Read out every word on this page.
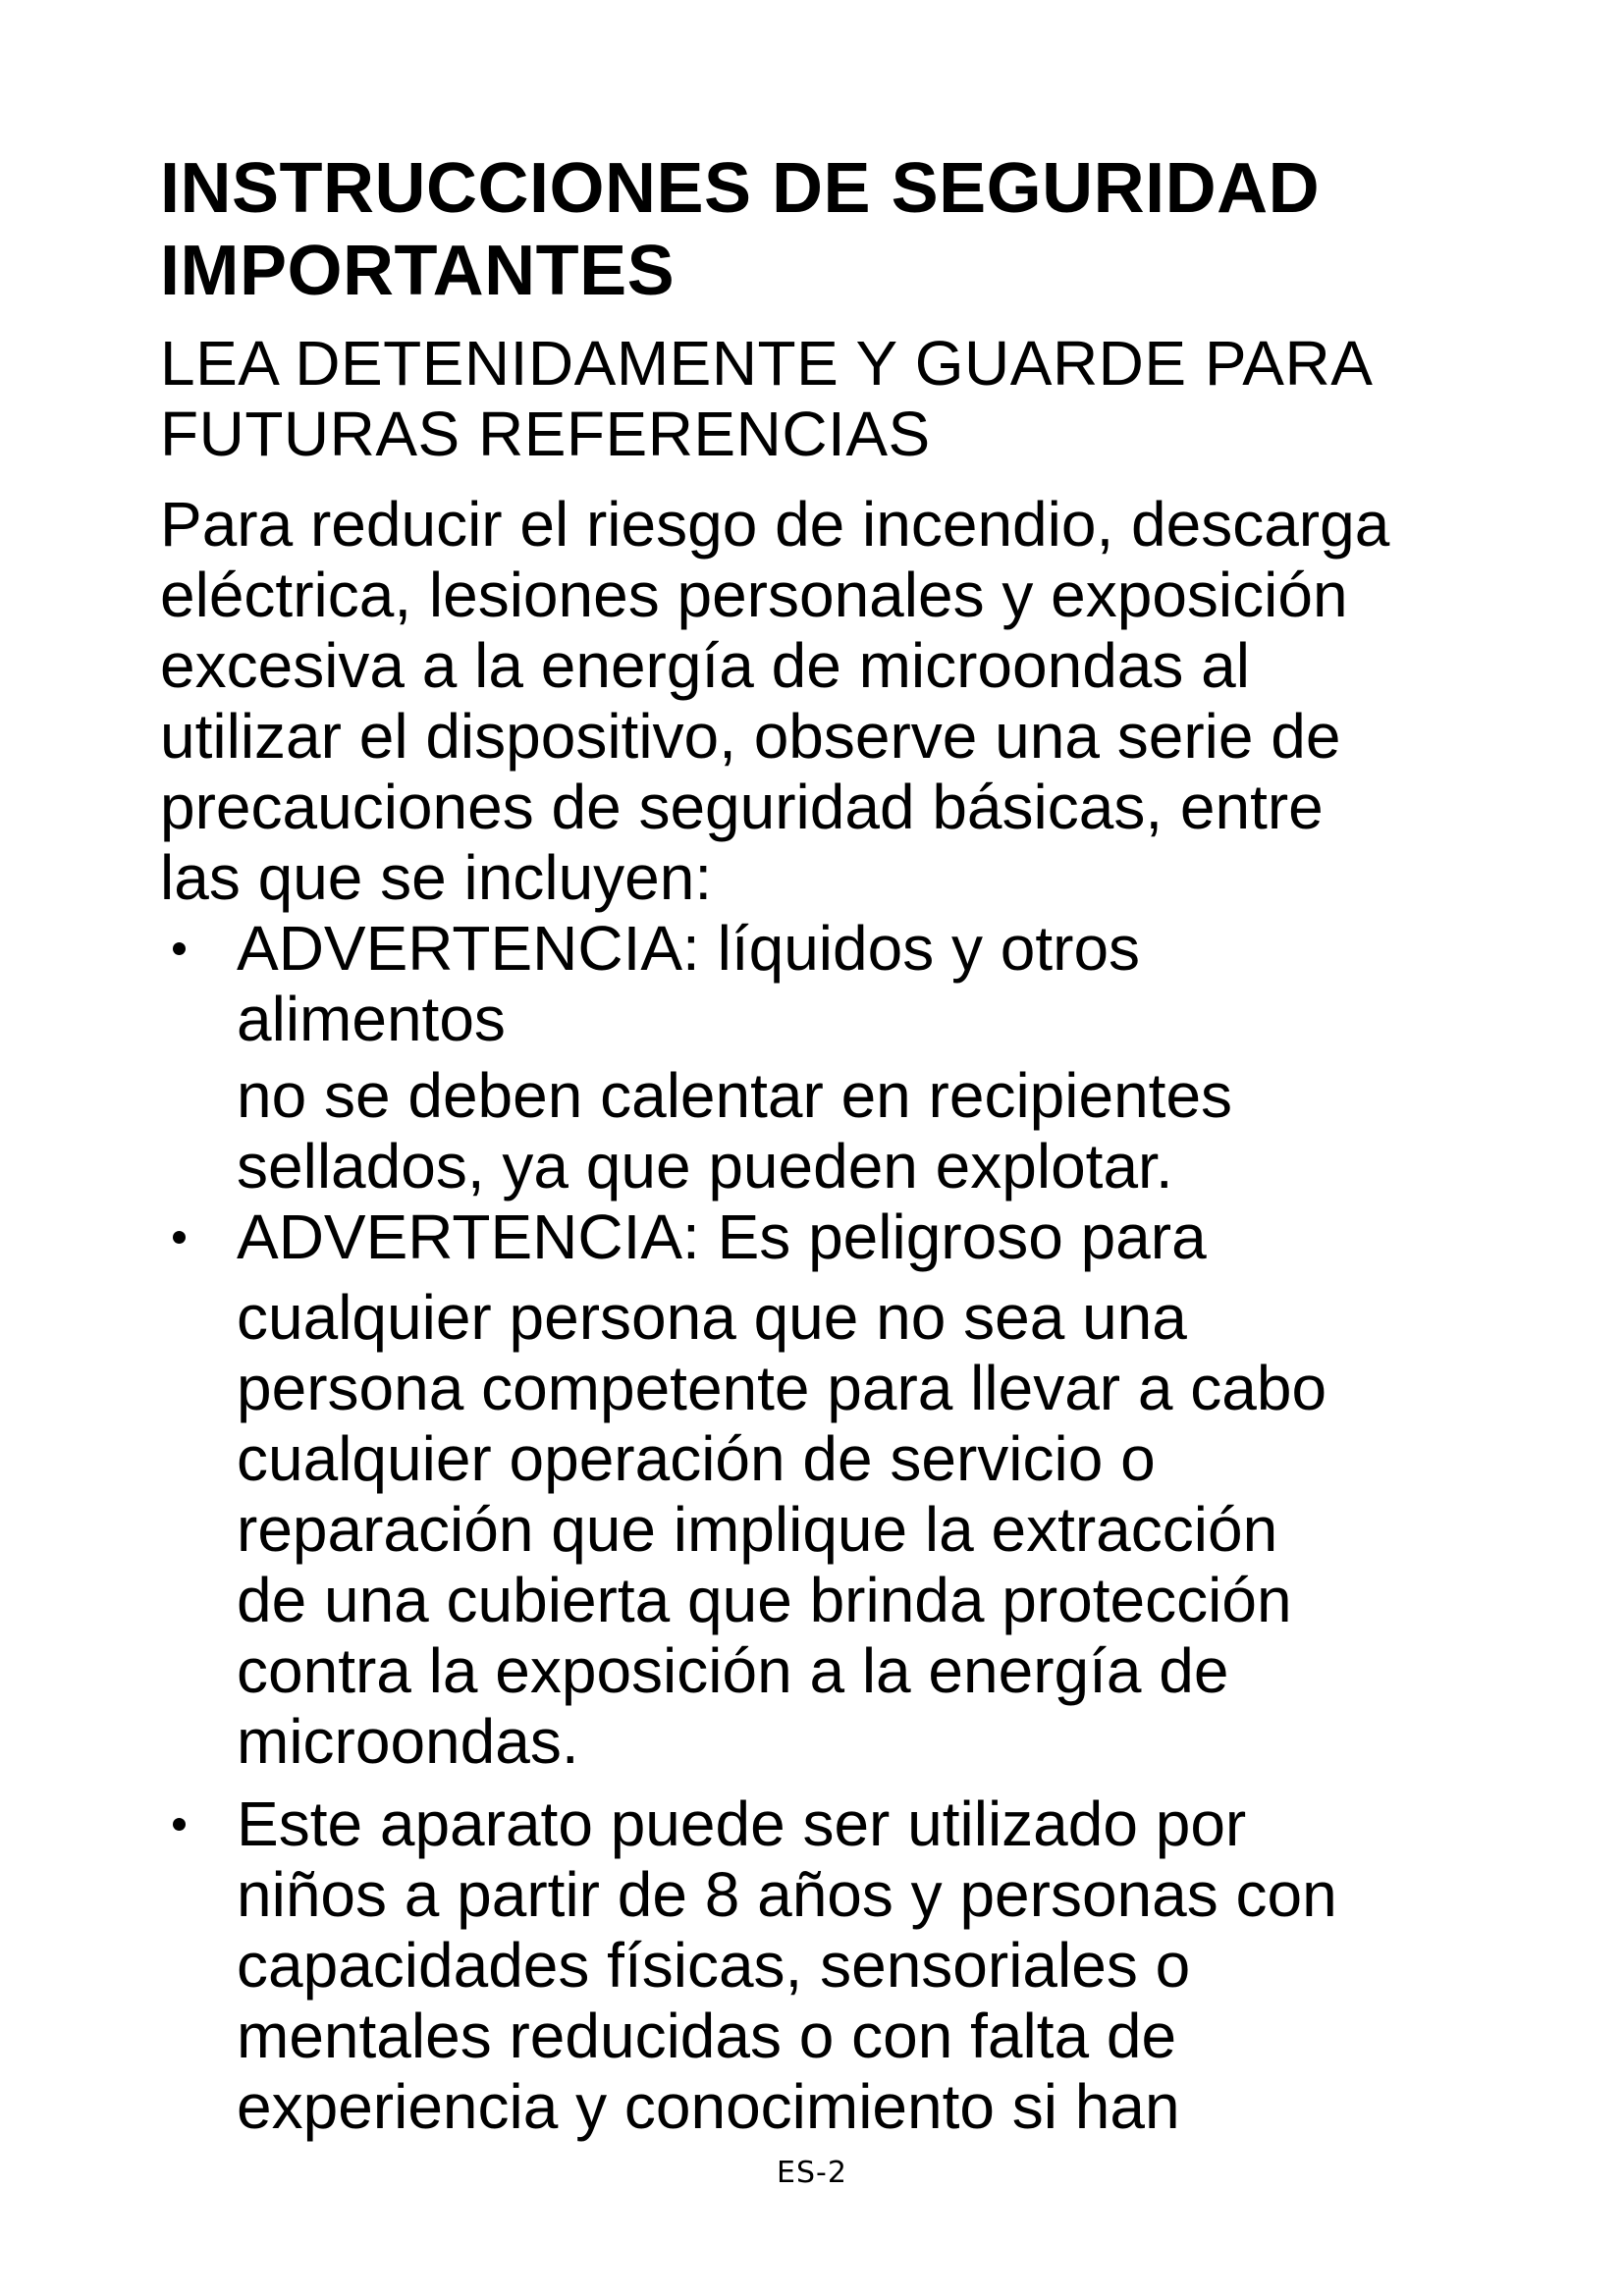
INSTRUCCIONES DE SEGURIDAD
IMPORTANTES
LEA DETENIDAMENTE Y GUARDE PARA
FUTURAS REFERENCIAS

Para reducir el riesgo de incendio, descarga
eléctrica, lesiones personales y exposición
excesiva a la energía de microondas al
utilizar el dispositivo, observe una serie de
precauciones de seguridad básicas, entre
las que se incluyen:

ADVERTENCIA: líquidos y otros
alimentos
no se deben calentar en recipientes
sellados, ya que pueden explotar.
ADVERTENCIA: Es peligroso para
cualquier persona que no sea una
persona competente para llevar a cabo
cualquier operación de servicio o
reparación que implique la extracción
de una cubierta que brinda protección
contra la exposición a la energía de
microondas.
Este aparato puede ser utilizado por
niños a partir de 8 años y personas con
capacidades físicas, sensoriales o
mentales reducidas o con falta de
experiencia y conocimiento si han
ES-2
